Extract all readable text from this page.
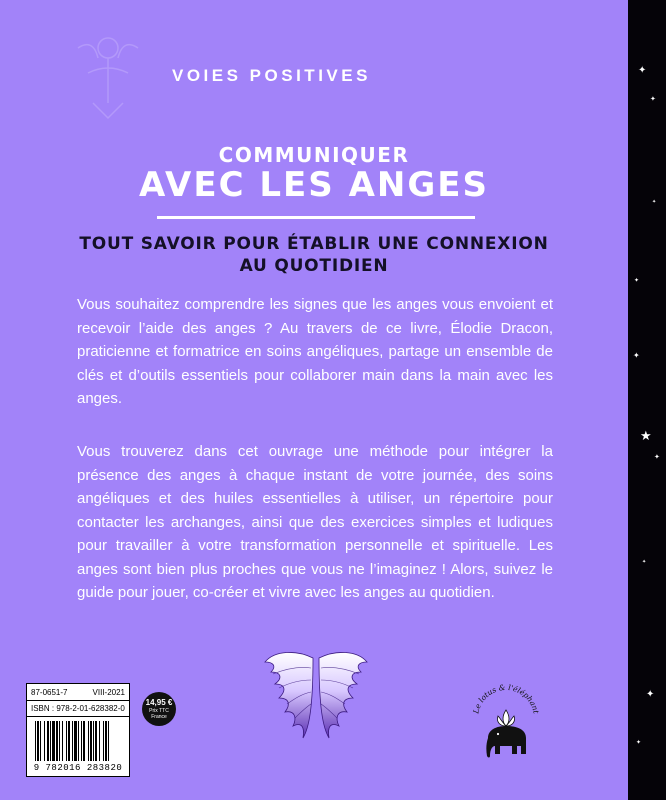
VOIES POSITIVES
COMMUNIQUER
AVEC LES ANGES
TOUT SAVOIR POUR ÉTABLIR UNE CONNEXION
AU QUOTIDIEN
Vous souhaitez comprendre les signes que les anges vous envoient et recevoir l’aide des anges ? Au travers de ce livre, Élodie Dracon, praticienne et formatrice en soins angéliques, partage un ensemble de clés et d’outils essentiels pour collaborer main dans la main avec les anges.
Vous trouverez dans cet ouvrage une méthode pour intégrer la présence des anges à chaque instant de votre journée, des soins angéliques et des huiles essentielles à utiliser, un répertoire pour contacter les archanges, ainsi que des exercices simples et ludiques pour travailler à votre transformation personnelle et spirituelle. Les anges sont bien plus proches que vous ne l’imaginez ! Alors, suivez le guide pour jouer, co-créer et vivre avec les anges au quotidien.
87-0651-7	VIII-2021
ISBN : 978-2-01-628382-0
9 782016 283820
14,95 €
Prix TTC
France
Le lotus & l'éléphant
✦
✦
✦
✦
★
✦
✦
✦
✦
✦
